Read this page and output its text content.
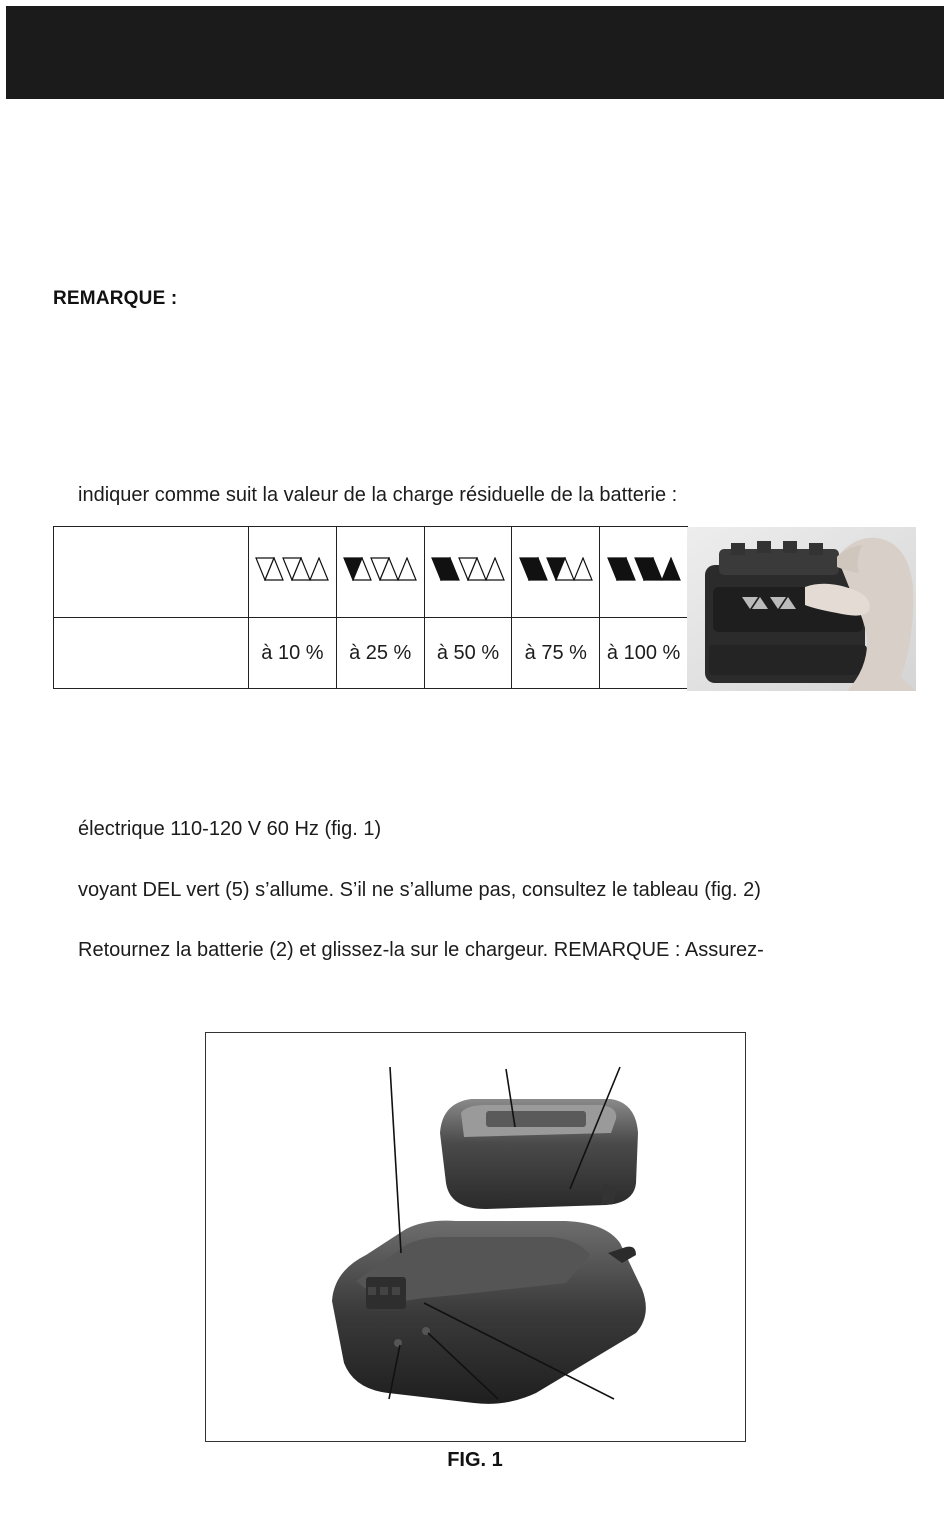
REMARQUE :
indiquer comme suit la valeur de la charge résiduelle de la batterie :

	à 10 %	à 25 %	à 50 %	à 75 %	à 100 %
électrique 110-120 V 60 Hz (fig. 1)
voyant DEL vert (5) s’allume. S’il ne s’allume pas, consultez le tableau (fig. 2)
Retournez la batterie (2) et glissez-la sur le chargeur. REMARQUE : Assurez-
FIG. 1
